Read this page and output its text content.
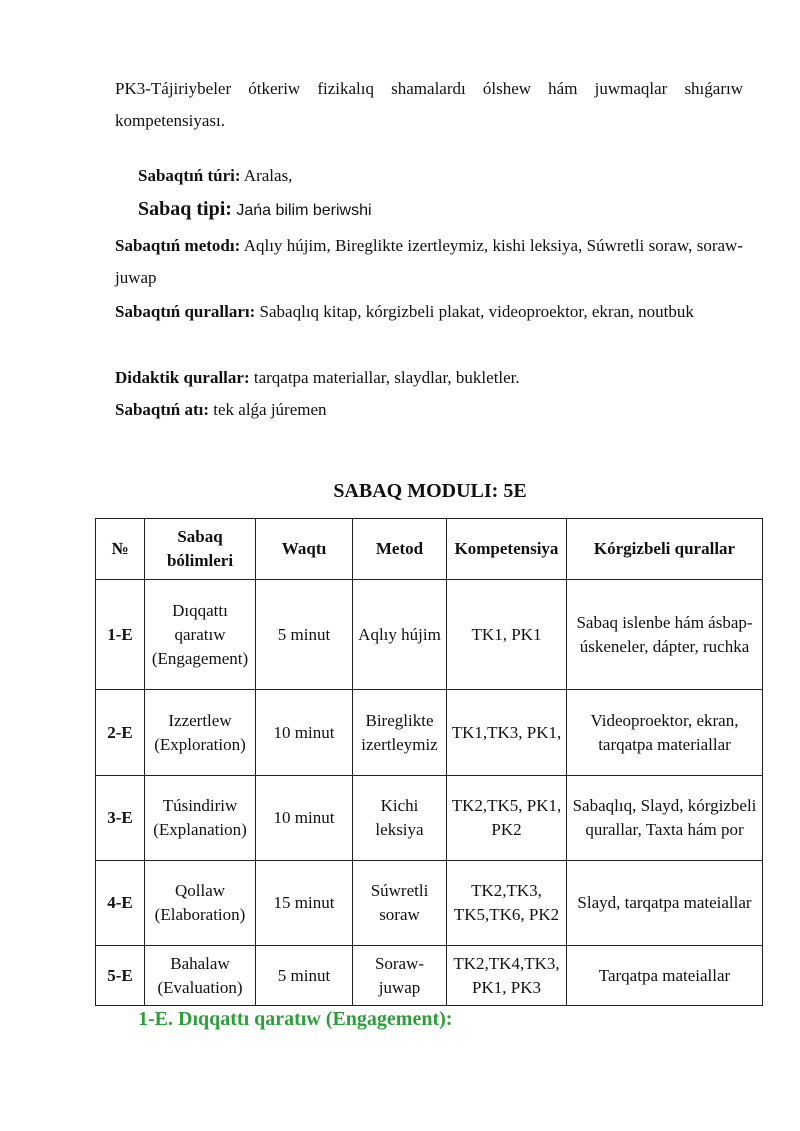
PK3-Tájiriybeler ótkeriw fizikalıq shamalardı ólshew hám juwmaqlar shıǵarıw kompetensiyası.
Sabaqtıń túri: Aralas,
Sabaq tipi: Jańa bilim beriwshi
Sabaqtıń metodı: Aqlıy hújim, Bireglikte izertleymiz, kishi leksiya, Súwretli soraw, soraw-juwap
Sabaqtıń quralları: Sabaqlıq kitap, kórgizbeli plakat, videoproektor, ekran, noutbuk
Didaktik qurallar: tarqatpa materiallar, slaydlar, bukletler.
Sabaqtıń atı: tek alǵa júremen
SABAQ MODULI: 5E
№	Sabaq bólimleri	Waqtı	Metod	Kompetensiya	Kórgizbeli qurallar
1-E	Dıqqattı qaratıw (Engagement)	5 minut	Aqlıy hújim	TK1, PK1	Sabaq islenbe hám ásbap-úskeneler, dápter, ruchka
2-E	Izzertlew (Exploration)	10 minut	Bireglikte izertleymiz	TK1,TK3, PK1,	Videoproektor, ekran, tarqatpa materiallar
3-E	Túsindiriw (Explanation)	10 minut	Kichi leksiya	TK2,TK5, PK1, PK2	Sabaqlıq, Slayd, kórgizbeli qurallar, Taxta hám por
4-E	Qollaw (Elaboration)	15 minut	Súwretli soraw	TK2,TK3, TK5,TK6, PK2	Slayd, tarqatpa mateiallar
5-E	Bahalaw (Evaluation)	5 minut	Soraw-juwap	TK2,TK4,TK3, PK1, PK3	Tarqatpa mateiallar
1-E. Dıqqattı qaratıw (Engagement):
